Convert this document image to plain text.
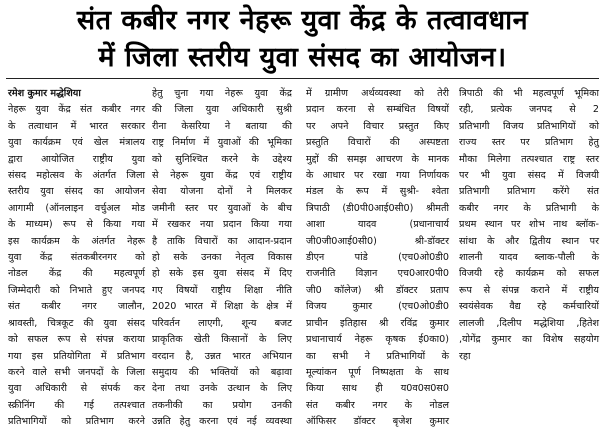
संत कबीर नगर नेहरू युवा केंद्र के तत्वावधान
में जिला स्तरीय युवा संसद का आयोजन।
रमेश कुमार मद्धेशिया
नेहरू युवा केंद्र संत कबीर नगर
के तत्वाधान में भारत सरकार
युवा कार्यक्रम एवं खेल मंत्रालय
द्वारा आयोजित राष्ट्रीय युवा
संसद महोत्सव के अंतर्गत जिला
स्तरीय युवा संसद का आयोजन
आगामी (ऑनलाइन वर्चुअल मोड
के माध्यम) रूप से किया गया
इस कार्यक्रम के अंतर्गत नेहरू
युवा केंद्र संतकबीरनगर को
नोडल केंद्र की महत्वपूर्ण
जिम्मेदारी को निभाते हुए जनपद
संत कबीर नगर जालौन,
श्रावस्ती, चित्रकूट की युवा संसद
को सफल रूप से संपन्न कराया
गया इस प्रतियोगिता में प्रतिभाग
करने वाले सभी जनपदों के जिला
युवा अधिकारी से संपर्क कर
स्क्रीनिंग की गई तत्पश्चात
प्रतिभागियों को प्रतिभाग करने
हेतु चुना गया नेहरू युवा केंद्र
की जिला युवा अधिकारी सुश्री
रीना केसरिया ने बताया की
राष्ट्र निर्माण में युवाओं की भूमिका
को सुनिश्चित करने के उद्देश्य
से नेहरू युवा केंद्र एवं राष्ट्रीय
सेवा योजना दोनों ने मिलकर
जमीनी स्तर पर युवाओं के बीच
में रखकर नया प्रदान किया गया
है ताकि विचारों का आदान-प्रदान
हो सके उनका नेतृत्व विकास
हो सके इस युवा संसद में दिए
गए विषयों राष्ट्रीय शिक्षा नीति
2020 भारत में शिक्षा के क्षेत्र में
परिवर्तन लाएगी, शून्य बजट
प्राकृतिक खेती किसानों के लिए
वरदान है, उन्नत भारत अभियान
समुदाय की भक्तियों को बढ़ावा
देना तथा उनके उत्थान के लिए
तकनीकी का प्रयोग उनकी
उन्नति हेतु करना एवं नई व्यवस्था
में ग्रामीण अर्थव्यवस्था को तेरी
प्रदान करना से सम्बंधित विषयों
पर अपने विचार प्रस्तुत किए
प्रस्तुति विचारों की अस्पष्टता
मुद्दों की समझ आचरण के मानक
के आधार पर रखा गया निर्णायक
मंडल के रूप में सुश्री- श्वेता
त्रिपाठी (डी0पी0आई0सी0) श्रीमती
आशा यादव (प्रधानाचार्य
जी0जी0आई0सी0) श्री-डॉक्टर
डीएन पांडे (एच0ओ0डी0
राजनीति विज्ञान एच0आर0पी0
जी0 कॉलेज) श्री डॉक्टर प्रताप
विजय कुमार (एच0ओ0डी0
प्राचीन इतिहास श्री रविंद्र कुमार
प्रधानाचार्य नेहरू कृषक ई0का0)
का सभी ने प्रतिभागियों के
मूल्यांकन पूर्ण निष्पक्षता के साथ
किया साथ ही य0व0स0स0
संत कबीर नगर के नोडल
ऑफिसर डॉक्टर बृजेश कुमार
त्रिपाठी की भी महत्वपूर्ण भूमिका
रही, प्रत्येक जनपद से 2
प्रतिभागी विजय प्रतिभागियों को
राज्य स्तर पर प्रतिभाग हेतु
मौका मिलेगा तत्पश्चात राष्ट्र स्तर
पर भी युवा संसद में विजयी
प्रतिभागी प्रतिभाग करेंगे संत
कबीर नगर के प्रतिभागी के
प्रथम स्थान पर शोभ नाथ ब्लॉक-
सांथा के और द्वितीय स्थान पर
शालनी यादव ब्लाक-पौली के
विजयी रहे कार्यक्रम को सफल
रूप से संपन्न कराने में राष्ट्रीय
स्वयंसेवक वैद्य रहे कर्मचारियों
लालजी ,दिलीप मद्धेशिया ,हितेश
,योगेंद्र कुमार का विशेष सहयोग
रहा
